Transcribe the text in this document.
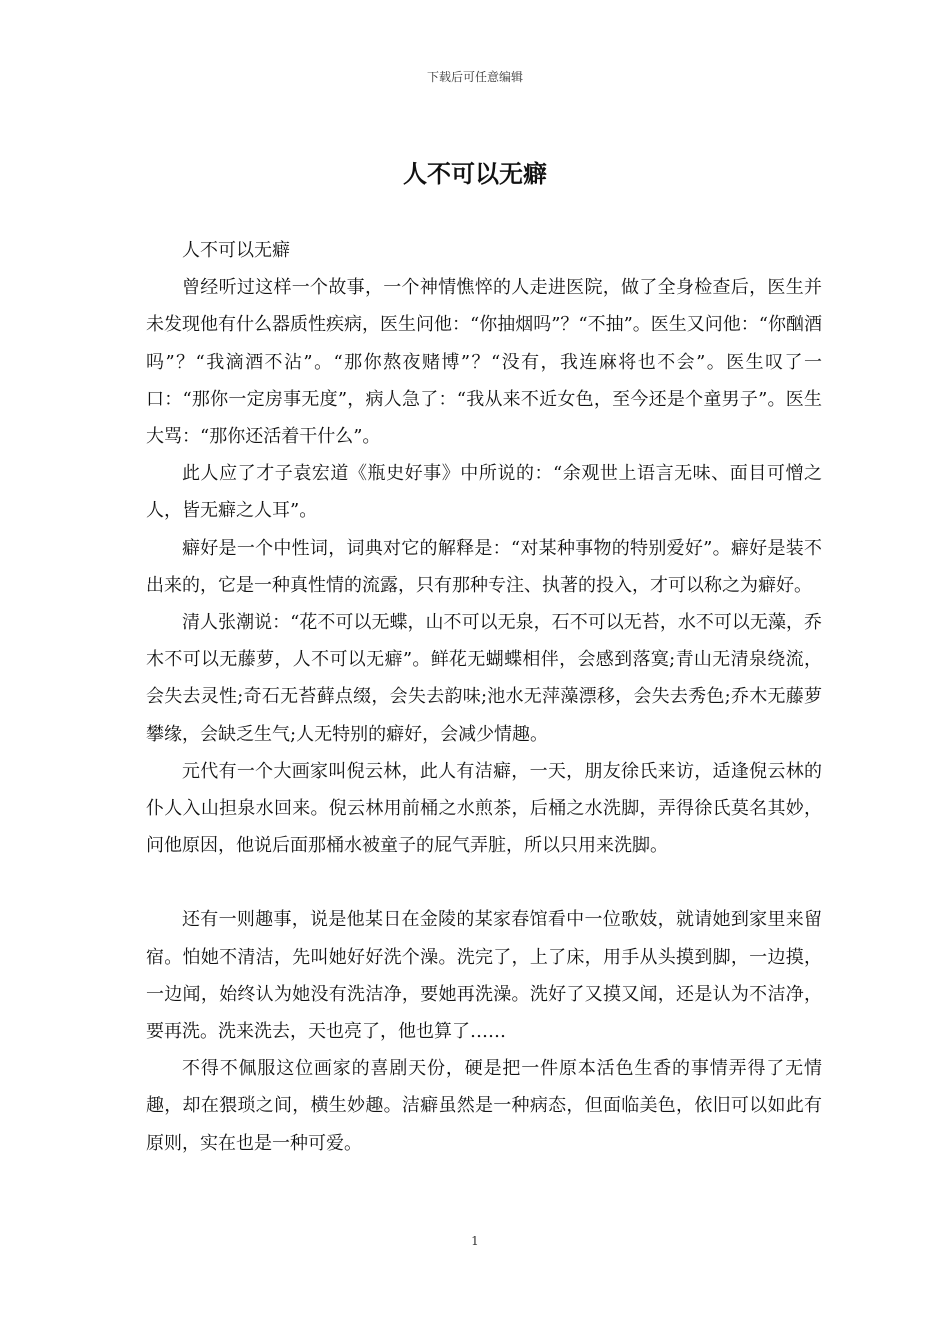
下载后可任意编辑
人不可以无癖

人不可以无癖

曾经听过这样一个故事，一个神情憔悴的人走进医院，做了全身检查后，医生并未发现他有什么器质性疾病，医生问他：“你抽烟吗”？“不抽”。医生又问他：“你酗酒吗”？“我滴酒不沾”。“那你熬夜赌博”？“没有，我连麻将也不会”。医生叹了一口：“那你一定房事无度”，病人急了：“我从来不近女色，至今还是个童男子”。医生大骂：“那你还活着干什么”。

此人应了才子袁宏道《瓶史好事》中所说的：“余观世上语言无味、面目可憎之人，皆无癖之人耳”。

癖好是一个中性词，词典对它的解释是：“对某种事物的特别爱好”。癖好是装不出来的，它是一种真性情的流露，只有那种专注、执著的投入，才可以称之为癖好。

清人张潮说：“花不可以无蝶，山不可以无泉，石不可以无苔，水不可以无藻，乔木不可以无藤萝，人不可以无癖”。鲜花无蝴蝶相伴，会感到落寞;青山无清泉绕流，会失去灵性;奇石无苔藓点缀，会失去韵味;池水无萍藻漂移，会失去秀色;乔木无藤萝攀缘，会缺乏生气;人无特别的癖好，会减少情趣。

元代有一个大画家叫倪云林，此人有洁癖，一天，朋友徐氏来访，适逢倪云林的仆人入山担泉水回来。倪云林用前桶之水煎茶，后桶之水洗脚，弄得徐氏莫名其妙，问他原因，他说后面那桶水被童子的屁气弄脏，所以只用来洗脚。

还有一则趣事，说是他某日在金陵的某家春馆看中一位歌妓，就请她到家里来留宿。怕她不清洁，先叫她好好洗个澡。洗完了，上了床，用手从头摸到脚，一边摸，一边闻，始终认为她没有洗洁净，要她再洗澡。洗好了又摸又闻，还是认为不洁净，要再洗。洗来洗去，天也亮了，他也算了……

不得不佩服这位画家的喜剧天份，硬是把一件原本活色生香的事情弄得了无情趣，却在猥琐之间，横生妙趣。洁癖虽然是一种病态，但面临美色，依旧可以如此有原则，实在也是一种可爱。

1
